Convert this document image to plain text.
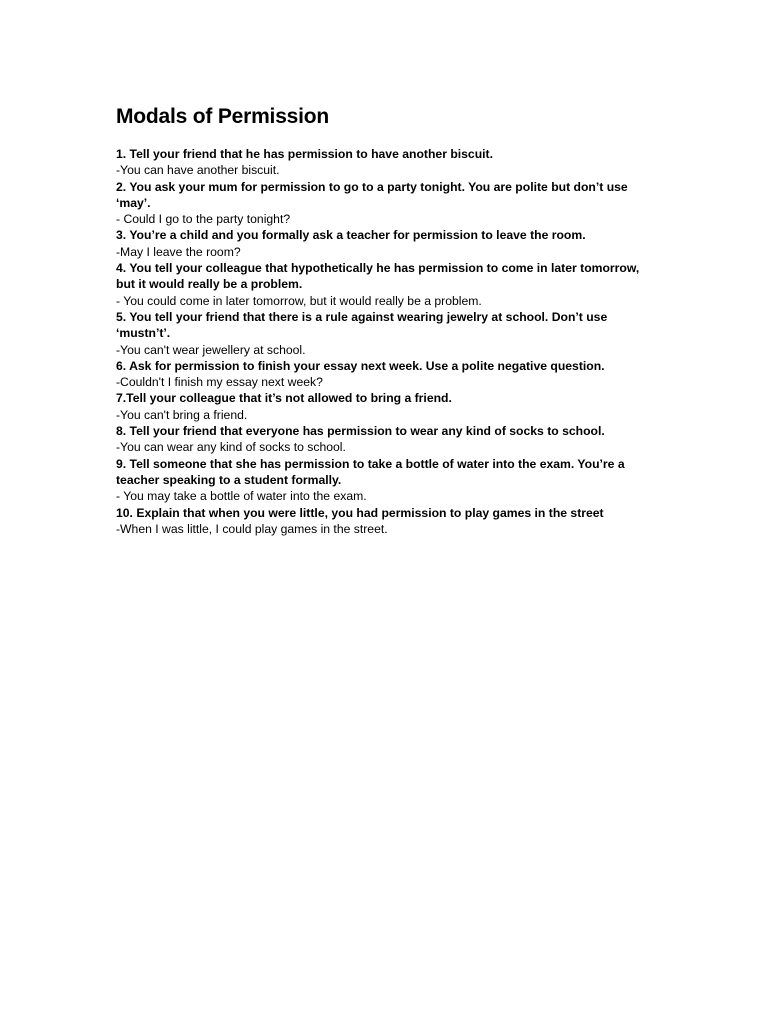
Modals of Permission

1. Tell your friend that he has permission to have another biscuit.

-You can have another biscuit.

2. You ask your mum for permission to go to a party tonight. You are polite but don’t use ‘may’.

- Could I go to the party tonight?

3. You’re a child and you formally ask a teacher for permission to leave the room.

-May I leave the room?

4. You tell your colleague that hypothetically he has permission to come in later tomorrow, but it would really be a problem.

- You could come in later tomorrow, but it would really be a problem.

5. You tell your friend that there is a rule against wearing jewelry at school. Don’t use ‘mustn’t’.

-You can't wear jewellery at school.

6. Ask for permission to finish your essay next week. Use a polite negative question.

-Couldn't I finish my essay next week?

7.Tell your colleague that it’s not allowed to bring a friend.

-You can't bring a friend.

8. Tell your friend that everyone has permission to wear any kind of socks to school.

-You can wear any kind of socks to school.

9. Tell someone that she has permission to take a bottle of water into the exam. You’re a teacher speaking to a student formally.

- You may take a bottle of water into the exam.

10. Explain that when you were little, you had permission to play games in the street

-When I was little, I could play games in the street.
